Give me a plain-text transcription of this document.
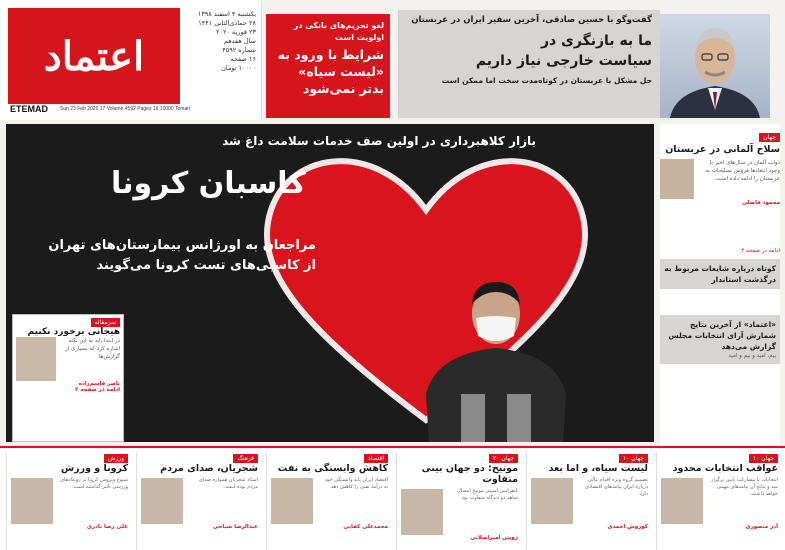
اعتماد
یکشنبه ۴ اسفند ۱۳۹۸
۲۸ جمادی‌الثانی ۱۴۴۱
۲۳ فوریه ۲۰۲۰
سال هفدهم
شماره ۴۵۹۲
۱۶ صفحه
۱۰۰۰۰ تومان
ETEMAD Sun 23 Feb 2020 17 Volume 4592 Pages 16 10000 Toman
لغو تحریم‌های بانکی در اولویت است
شرایط با ورود به «لیست سیاه» بدتر نمی‌شود
گفت‌وگو با حسین صادقی، آخرین سفیر ایران در عربستان
ما به بازنگری در
سیاست خارجی نیاز داریم
حل مشکل با عربستان در کوتاه‌مدت سخت اما ممکن است
بازار کلاهبرداری در اولین صف خدمات سلامت داغ شد
کاسبان کرونا
مراجعان به اورژانس بیمارستان‌های تهران
از کاسبی‌های تست کرونا می‌گویند
سرمقاله
هیجانی برخورد نکنیم
در ابتدا باید به این نکته اشاره کرد که بسیاری از گزارش‌ها
ناصر قاسم‌زاده
ادامه در صفحه ۲
جهان
سلاح آلمانی در عربستان
دولت آلمان در سال‌های اخیر با وجود انتقادها فروش تسلیحات به عربستان را ادامه داده است.
محمود فاضلی
ادامه در صفحه ۴
کوتاه درباره شایعات مربوط به درگذشت استاندار
«اعتماد» از آخرین نتایج شمارش آرای انتخابات مجلس گزارش می‌دهد
بیم، امید و بیم و امید
جهان ۱۰
عواقب انتخابات محدود
انتخابات با مشارکت پایین برگزار شد و نتایج آن پیامدهای مهمی خواهد داشت.
آذر منصوری
جهان ۱۰
لیست سیاه، و اما بعد
تصمیم گروه ویژه اقدام مالی درباره ایران پیامدهای اقتصادی دارد.
کوروش احمدی
جهان ۲۰
مونیخ: دو جهان بینی متفاوت
کنفرانس امنیتی مونیخ امسال شاهد دو دیدگاه متفاوت بود.
ژوبین امیراصلانی
اقتصاد
کاهش وابستگی به نفت
اقتصاد ایران باید وابستگی خود به درآمد نفتی را کاهش دهد.
محمدعلی کفایی
فرهنگ
شجریان، صدای مردم
استاد شجریان همواره صدای مردم بوده است.
عبدالرضا سیاحی
ورزش
کرونا و ورزش
شیوع ویروس کرونا بر رویدادهای ورزشی تاثیر گذاشته است.
علی رضا نادری
